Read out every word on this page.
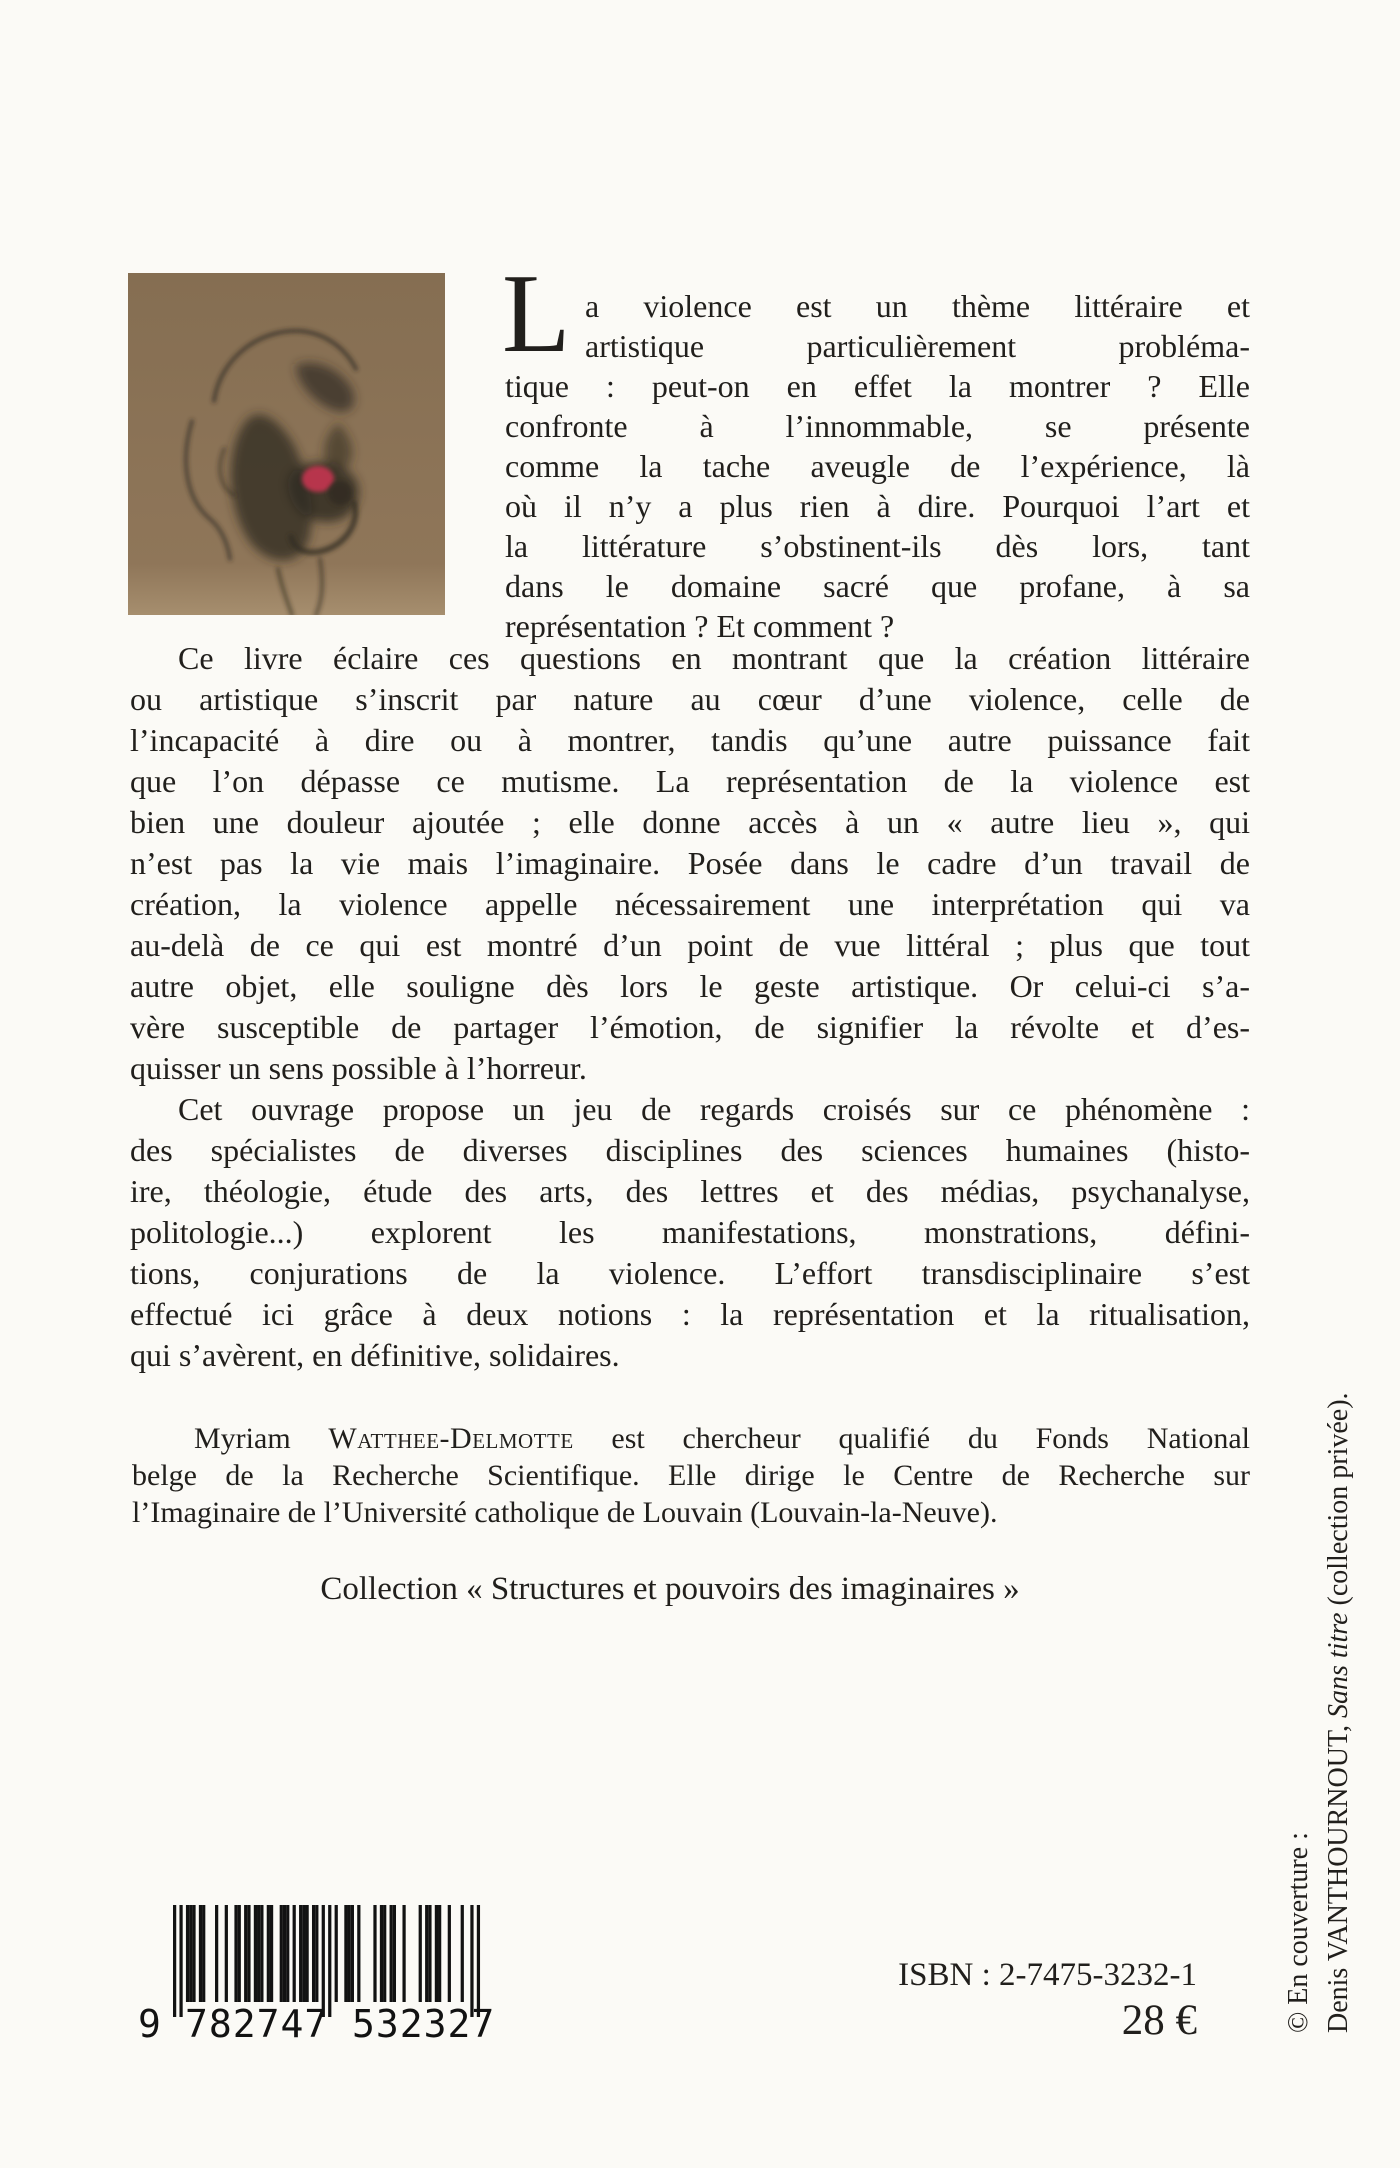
L a violence est un thème littéraire et
artistique particulièrement probléma-
tique : peut-on en effet la montrer ? Elle
confronte à l’innommable, se présente
comme la tache aveugle de l’expérience, là
où il n’y a plus rien à dire. Pourquoi l’art et
la littérature s’obstinent-ils dès lors, tant
dans le domaine sacré que profane, à sa
représentation ? Et comment ?
Ce livre éclaire ces questions en montrant que la création littéraire
ou artistique s’inscrit par nature au cœur d’une violence, celle de
l’incapacité à dire ou à montrer, tandis qu’une autre puissance fait
que l’on dépasse ce mutisme. La représentation de la violence est
bien une douleur ajoutée ; elle donne accès à un « autre lieu », qui
n’est pas la vie mais l’imaginaire. Posée dans le cadre d’un travail de
création, la violence appelle nécessairement une interprétation qui va
au-delà de ce qui est montré d’un point de vue littéral ; plus que tout
autre objet, elle souligne dès lors le geste artistique. Or celui-ci s’a-
vère susceptible de partager l’émotion, de signifier la révolte et d’es-
quisser un sens possible à l’horreur.
Cet ouvrage propose un jeu de regards croisés sur ce phénomène :
des spécialistes de diverses disciplines des sciences humaines (histo-
ire, théologie, étude des arts, des lettres et des médias, psychanalyse,
politologie...) explorent les manifestations, monstrations, défini-
tions, conjurations de la violence. L’effort transdisciplinaire s’est
effectué ici grâce à deux notions : la représentation et la ritualisation,
qui s’avèrent, en définitive, solidaires.
Myriam Watthee-Delmotte est chercheur qualifié du Fonds National
belge de la Recherche Scientifique. Elle dirige le Centre de Recherche sur
l’Imaginaire de l’Université catholique de Louvain (Louvain-la-Neuve).
Collection « Structures et pouvoirs des imaginaires »
9 782747 532327
ISBN : 2-7475-3232-1
28 €	© En couverture : Denis VANTHOURNOUT, Sans titre (collection privée).
